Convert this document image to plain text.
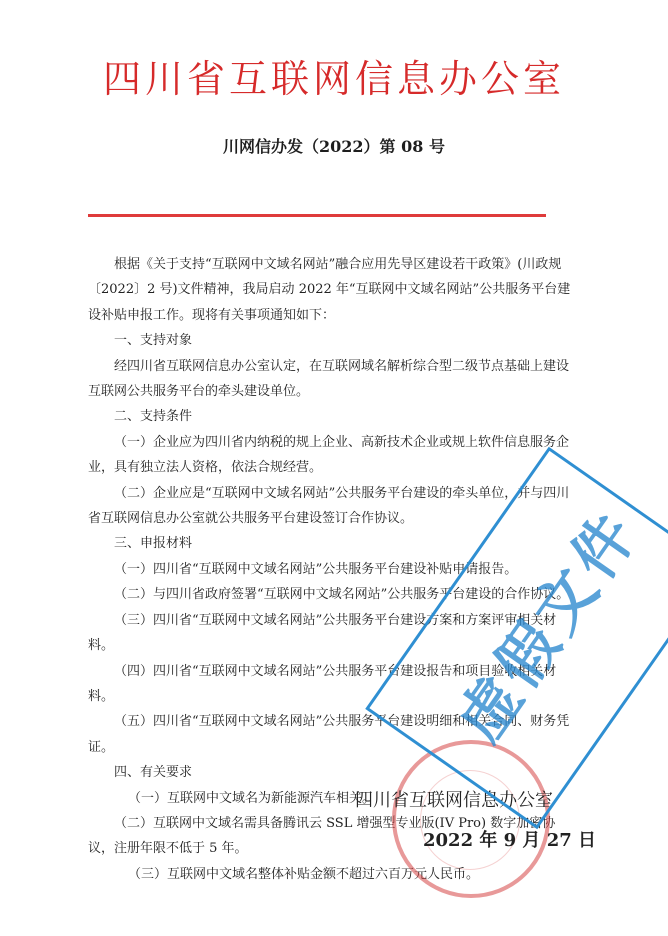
四川省互联网信息办公室
川网信办发（2022）第 08 号

根据《关于支持“互联网中文域名网站”融合应用先导区建设若干政策》(川政规〔2022〕2 号)文件精神，我局启动 2022 年“互联网中文域名网站”公共服务平台建设补贴申报工作。现将有关事项通知如下：

一、支持对象

经四川省互联网信息办公室认定，在互联网域名解析综合型二级节点基础上建设互联网公共服务平台的牵头建设单位。

二、支持条件

（一）企业应为四川省内纳税的规上企业、高新技术企业或规上软件信息服务企业，具有独立法人资格，依法合规经营。

（二）企业应是“互联网中文域名网站”公共服务平台建设的牵头单位，并与四川省互联网信息办公室就公共服务平台建设签订合作协议。

三、申报材料

（一）四川省“互联网中文域名网站”公共服务平台建设补贴申请报告。

（二）与四川省政府签署“互联网中文域名网站”公共服务平台建设的合作协议。

（三）四川省“互联网中文域名网站”公共服务平台建设方案和方案评审相关材料。

（四）四川省“互联网中文域名网站”公共服务平台建设报告和项目验收相关材料。

（五）四川省“互联网中文域名网站”公共服务平台建设明细和相关合同、财务凭证。

四、有关要求

（一）互联网中文域名为新能源汽车相关。

（二）互联网中文域名需具备腾讯云 SSL 增强型专业版(IV Pro) 数字加密协议，注册年限不低于 5 年。

（三）互联网中文域名整体补贴金额不超过六百万元人民币。

四川省互联网信息办公室
2022 年 9 月 27 日
虚假文件
